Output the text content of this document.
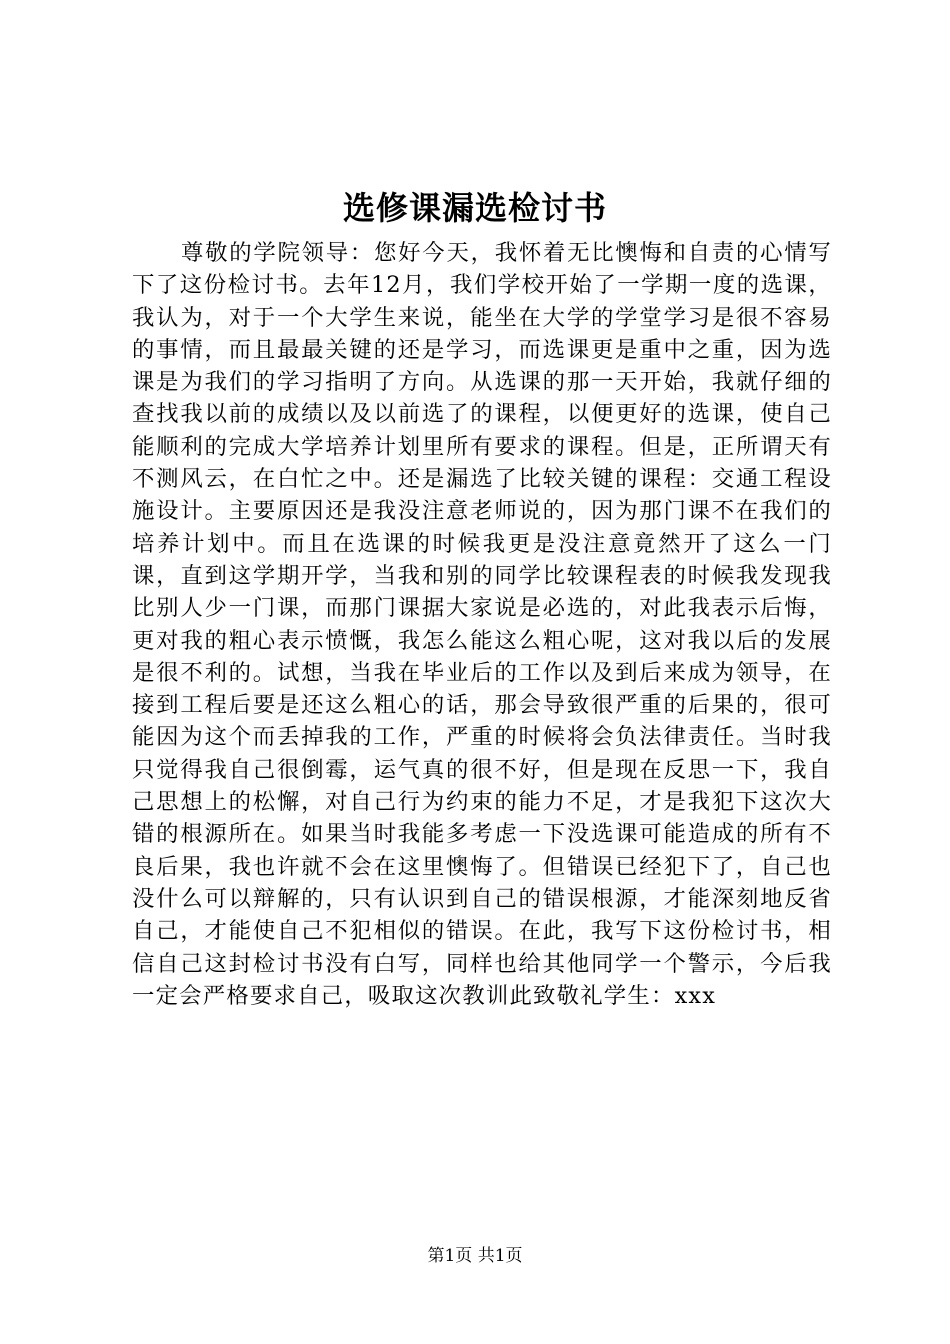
选修课漏选检讨书

尊敬的学院领导：您好今天，我怀着无比懊悔和自责的心情写下了这份检讨书。去年12月，我们学校开始了一学期一度的选课，我认为，对于一个大学生来说，能坐在大学的学堂学习是很不容易的事情，而且最最关键的还是学习，而选课更是重中之重，因为选课是为我们的学习指明了方向。从选课的那一天开始，我就仔细的查找我以前的成绩以及以前选了的课程，以便更好的选课，使自己能顺利的完成大学培养计划里所有要求的课程。但是，正所谓天有不测风云，在白忙之中。还是漏选了比较关键的课程：交通工程设施设计。主要原因还是我没注意老师说的，因为那门课不在我们的培养计划中。而且在选课的时候我更是没注意竟然开了这么一门课，直到这学期开学，当我和别的同学比较课程表的时候我发现我比别人少一门课，而那门课据大家说是必选的，对此我表示后悔，更对我的粗心表示愤慨，我怎么能这么粗心呢，这对我以后的发展是很不利的。试想，当我在毕业后的工作以及到后来成为领导，在接到工程后要是还这么粗心的话，那会导致很严重的后果的，很可能因为这个而丢掉我的工作，严重的时候将会负法律责任。当时我只觉得我自己很倒霉，运气真的很不好，但是现在反思一下，我自己思想上的松懈，对自己行为约束的能力不足，才是我犯下这次大错的根源所在。如果当时我能多考虑一下没选课可能造成的所有不良后果，我也许就不会在这里懊悔了。但错误已经犯下了，自己也没什么可以辩解的，只有认识到自己的错误根源，才能深刻地反省自己，才能使自己不犯相似的错误。在此，我写下这份检讨书，相信自己这封检讨书没有白写，同样也给其他同学一个警示，今后我一定会严格要求自己，吸取这次教训此致敬礼学生：xxx

第1页 共1页
